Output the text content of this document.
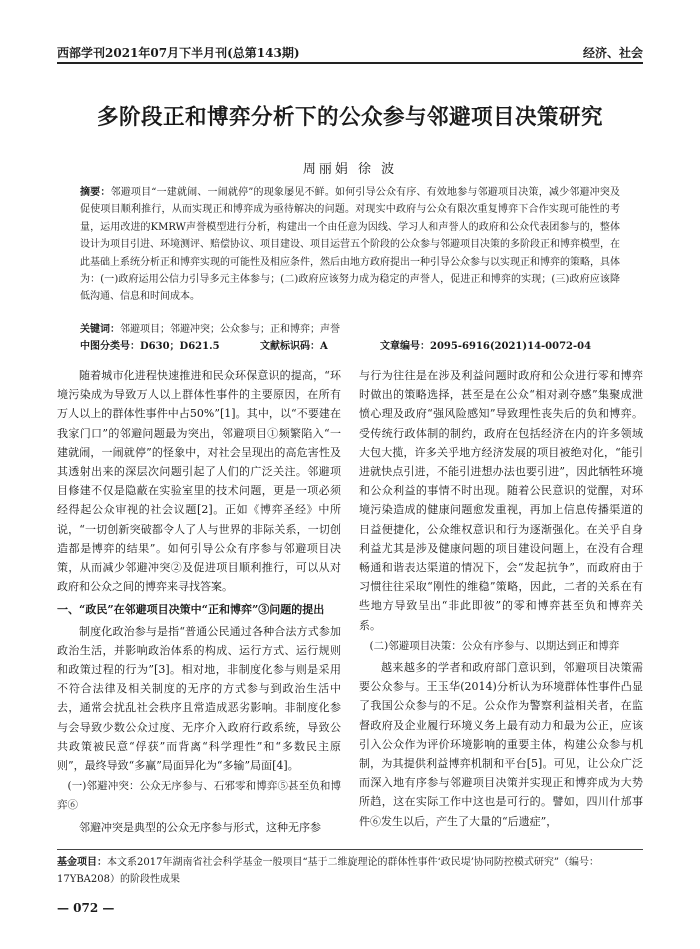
西部学刊2021年07月下半月刊(总第143期)	经济、社会
多阶段正和博弈分析下的公众参与邻避项目决策研究
周丽娟 徐 波
摘要：邻避项目“一建就闹、一闹就停”的现象屡见不鲜。如何引导公众有序、有效地参与邻避项目决策，减少邻避冲突及促使项目顺利推行，从而实现正和博弈成为亟待解决的问题。对现实中政府与公众有限次重复博弈下合作实现可能性的考量，运用改进的KMRW声誉模型进行分析，构建出一个由任意为因线、学习人和声誉人的政府和公众代表团参与的，整体设计为项目引进、环境测评、赔偿协议、项目建设、项目运营五个阶段的公众参与邻避项目决策的多阶段正和博弈模型，在此基础上系统分析正和博弈实现的可能性及相应条件，然后由地方政府提出一种引导公众参与以实现正和博弈的策略，具体为：(一)政府运用公信力引导多元主体参与；(二)政府应该努力成为稳定的声誉人，促进正和博弈的实现；(三)政府应该降低沟通、信息和时间成本。
关键词：邻避项目；邻避冲突；公众参与；正和博弈；声誉
中图分类号：D630；D621.5	文献标识码：A	文章编号：2095-6916(2021)14-0072-04

随着城市化进程快速推进和民众环保意识的提高，“环境污染成为导致万人以上群体性事件的主要原因，在所有万人以上的群体性事件中占50%”[1]。其中，以“不要建在我家门口”的邻避问题最为突出，邻避项目①频繁陷入“一建就闹，一闹就停”的怪象中，对社会呈现出的高危害性及其透射出来的深层次问题引起了人们的广泛关注。邻避项目修建不仅是隐蔽在实验室里的技术问题，更是一项必须经得起公众审视的社会议题[2]。正如《博弈圣经》中所说，“一切创新突破都令人了人与世界的非际关系，一切创造都是博弈的结果”。如何引导公众有序参与邻避项目决策，从而减少邻避冲突②及促进项目顺利推行，可以从对政府和公众之间的博弈来寻找答案。

一、“政民”在邻避项目决策中“正和博弈”③问题的提出

制度化政治参与是指“普通公民通过各种合法方式参加政治生活，并影响政治体系的构成、运行方式、运行规则和政策过程的行为”[3]。相对地，非制度化参与则是采用不符合法律及相关制度的无序的方式参与到政治生活中去，通常会扰乱社会秩序且常造成恶劣影响。非制度化参与会导致少数公众过度、无序介入政府行政系统，导致公共政策被民意“俘获”而背离“科学理性”和“多数民主原则”，最终导致“多赢”局面异化为“多输”局面[4]。

(一)邻避冲突：公众无序参与、石邪零和博弈⑤甚至负和博弈⑥

邻避冲突是典型的公众无序参与形式，这种无序参

与行为往往是在涉及利益问题时政府和公众进行零和博弈时做出的策略选择，甚至是在公众“相对剥夺感”集聚成泄愤心理及政府“强风险感知”导致理性丧失后的负和博弈。受传统行政体制的制约，政府在包括经济在内的许多领域大包大揽，许多关乎地方经济发展的项目被绝对化，“能引进就快点引进，不能引进想办法也要引进”，因此牺牲环境和公众利益的事情不时出现。随着公民意识的觉醒，对环境污染造成的健康问题愈发重视，再加上信息传播渠道的日益便捷化，公众维权意识和行为逐渐强化。在关乎自身利益尤其是涉及健康问题的项目建设问题上，在没有合理畅通和谐表达渠道的情况下，会“发起抗争”，而政府由于习惯往往采取“刚性的维稳”策略，因此，二者的关系在有些地方导致呈出“非此即彼”的零和博弈甚至负和博弈关系。

(二)邻避项目决策：公众有序参与、以期达到正和博弈

越来越多的学者和政府部门意识到，邻避项目决策需要公众参与。王玉华(2014)分析认为环境群体性事件凸显了我国公众参与的不足。公众作为警察利益相关者，在监督政府及企业履行环境义务上最有动力和最为公正，应该引入公众作为评价环境影响的重要主体，构建公众参与机制，为其提供利益博弈机制和平台[5]。可见，让公众广泛而深入地有序参与邻避项目决策并实现正和博弈成为大势所趋，这在实际工作中这也是可行的。譬如，四川什邡事件⑥发生以后，产生了大量的“后遗症”，

基金项目：本文系2017年湖南省社会科学基金一般项目“基于二维旋理论的群体性事件‘政民堤’协同防控模式研究”（编号：17YBA208）的阶段性成果
— 072 —
